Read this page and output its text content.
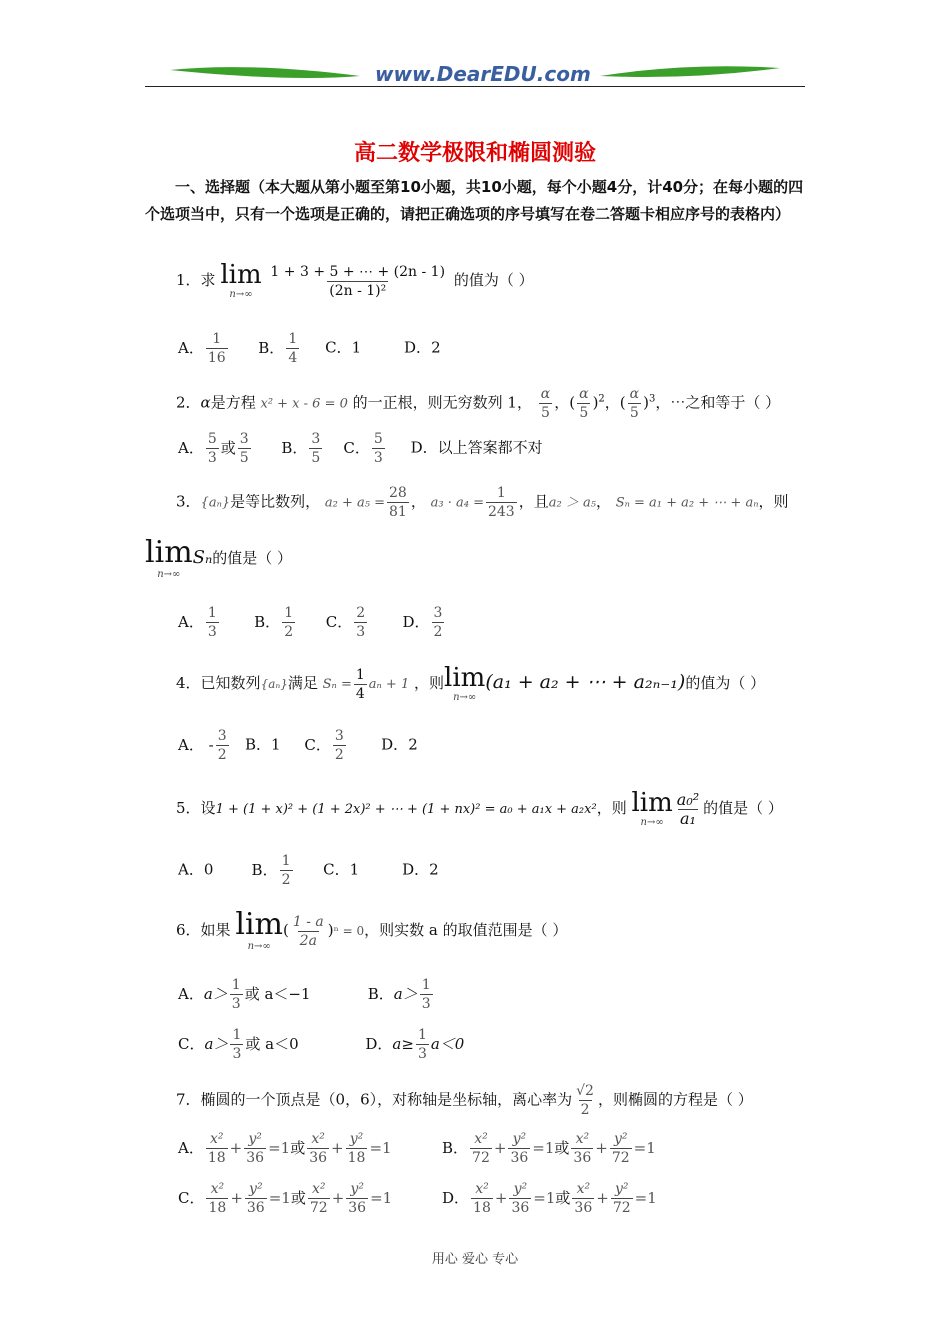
www.DearEDU.com
高二数学极限和椭圆测验
一、选择题（本大题从第小题至第10小题，共10小题，每个小题4分，计40分；在每小题的四个选项当中，只有一个选项是正确的，请把正确选项的序号填写在卷二答题卡相应序号的表格内）
1．求 lim
n→∞
$\frac{1 + 3 + 5 + \cdots + (2n - 1)}{\text{(2n - 1)²}}$ 的值为（ ）
A． $\frac{1}{16}$ B． $\frac{1}{4}$ C．1	D．2
2．α是方程 x² + x - 6 = 0 的一正根，则无穷数列 1， $\frac{\alpha}{5}$ ，( $\frac{\alpha}{5} )^2$，( $\frac{\alpha}{5} )^3$，⋯之和等于（ ）
A． $\frac{5}{3}$ 或 $\frac{3}{5}$ B． $\frac{3}{5}$ C． $\frac{5}{3}$ D．以上答案都不对
3．{aₙ}是等比数列， $a_2 + a_5 = \frac{28}{81}$ ， $a_3 \cdot a_4 = \frac{1}{243}$ ，且a₂ ＞ a₅， Sₙ = a₁ + a₂ + ⋯ + aₙ，则
lim
n→∞
Sₙ的值是（ ）
A． $\frac{1}{3}$ B． $\frac{1}{2}$ C． $\frac{2}{3}$ D． $\frac{3}{2}$
4．已知数列{aₙ}满足 $S_n = \frac{1}{4}$ aₙ + 1 ，则 lim
n→∞
(a₁ + a₂ + ⋯ + a₂ₙ₋₁)的值为（ ）
A． - $\frac{3}{2}$ B．1 C． $\frac{3}{2}$ D．2
5．设1 + (1 + x)² + (1 + 2x)² + ⋯ + (1 + nx)² = a₀ + a₁x + a₂x²，则 lim
$n\to\infty \frac{\text{a₀²}}{\text{a₁}}$ 的值是（ ）
A．0	B． $\frac{1}{2}$ C．1	D．2
6．如果 lim
n→∞
( $\frac{1 - a}{2a} )^n = 0$，则实数 a 的取值范围是（ ）
A．$a> \frac{1}{3}$ 或 a＜−1	B．$a> \frac{1}{3}$
C．$a> \frac{1}{3}$ 或 a＜0	D．$a\ge \frac{1}{3} a<0$
7．椭圆的一个顶点是（0，6），对称轴是坐标轴，离心率为 $\frac{√2}{2}$ ，则椭圆的方程是（ ）
A． $\frac{\text{x²}}{18} + \frac{\text{y²}}{36} =1$或 $\frac{\text{x²}}{36} + \frac{\text{y²}}{18} =1$	B． $\frac{\text{x²}}{72} + \frac{\text{y²}}{36} =1$或 $\frac{\text{x²}}{36} + \frac{\text{y²}}{72} =1$
C． $\frac{\text{x²}}{18} + \frac{\text{y²}}{36} =1$或 $\frac{\text{x²}}{72} + \frac{\text{y²}}{36} =1$	D． $\frac{\text{x²}}{18} + \frac{\text{y²}}{36} =1$或 $\frac{\text{x²}}{36} + \frac{\text{y²}}{72} =1$
用心 爱心 专心
